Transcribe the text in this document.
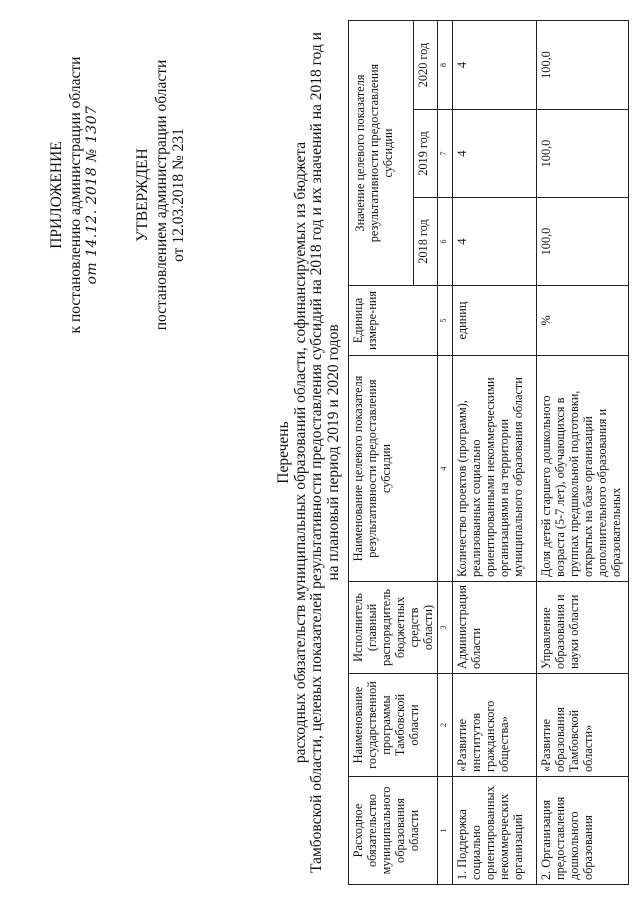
ПРИЛОЖЕНИЕ к постановлению администрации области от 14.12. 2018 № 1307 УТВЕРЖДЕН постановлением администрации области от 12.03.2018 № 231
Перечень расходных обязательств муниципальных образований области, софинансируемых из бюджета Тамбовской области, целевых показателей результативности предоставления субсидий на 2018 год и их значений на 2018 год и на плановый период 2019 и 2020 годов
Расходное обязательство муниципального образования области	Наименование государственной программы Тамбовской области	Исполнитель (главный распорядитель бюджетных средств области)	Наименование целевого показателя результативности предоставления субсидии	Единица измере-ния	Значение целевого показателя результативности предоставления субсидии		
					2018 год	2019 год	2020 год
1	2	3	4	5	6	7	8
1. Поддержка социально ориентированных некоммерческих организаций	«Развитие институтов гражданского общества»	Администрация области	Количество проектов (программ), реализованных социально ориентированными некоммерческими организациями на территории муниципального образования области	единиц	4	4	4
2. Организация предоставления дошкольного образования	«Развитие образования Тамбовской области»	Управление образования и науки области	Доля детей старшего дошкольного возраста (5-7 лет), обучающихся в группах предшкольной подготовки, открытых на базе организаций дополнительного образования и образовательных	%	100,0	100,0	100,0
